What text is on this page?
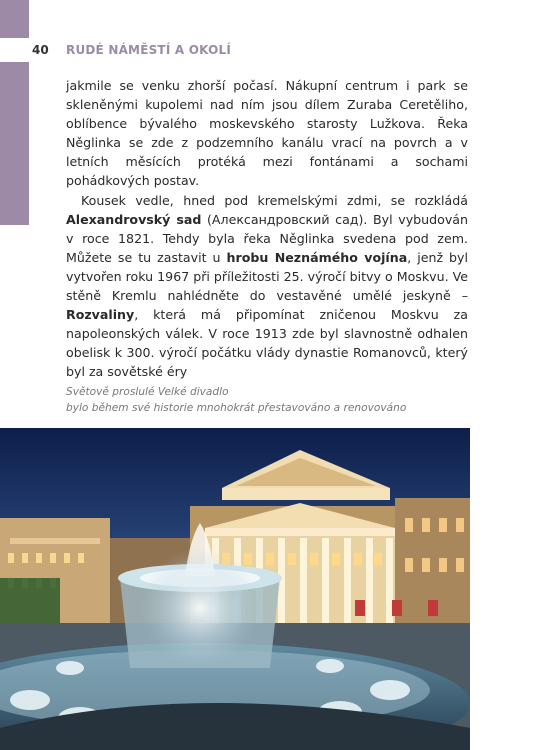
40 RUDÉ NÁMĚSTÍ A OKOLÍ

jakmile se venku zhorší počasí. Nákupní centrum i park se skleněnými kupolemi nad ním jsou dílem Zuraba Ceretěliho, oblíbence bývalého moskevského starosty Lužkova. Řeka Něglinka se zde z podzemního kanálu vrací na povrch a v letních měsících protéká mezi fontánami a sochami pohádkových postav.

Kousek vedle, hned pod kremelskými zdmi, se rozkládá Alexandrovský sad (Александровский сад). Byl vybudován v roce 1821. Tehdy byla řeka Něglinka svedena pod zem. Můžete se tu zastavit u hrobu Neznámého vojína, jenž byl vytvořen roku 1967 při příležitosti 25. výročí bitvy o Moskvu. Ve stěně Kremlu nahlédněte do vestavěné umělé jeskyně – Rozvaliny, která má připomínat zničenou Moskvu za napoleonských válek. V roce 1913 zde byl slavnostně odhalen obelisk k 300. výročí počátku vlády dynastie Romanovců, který byl za sovětské éry

Světově proslulé Velké divadlo
bylo během své historie mnohokrát přestavováno a renovováno
